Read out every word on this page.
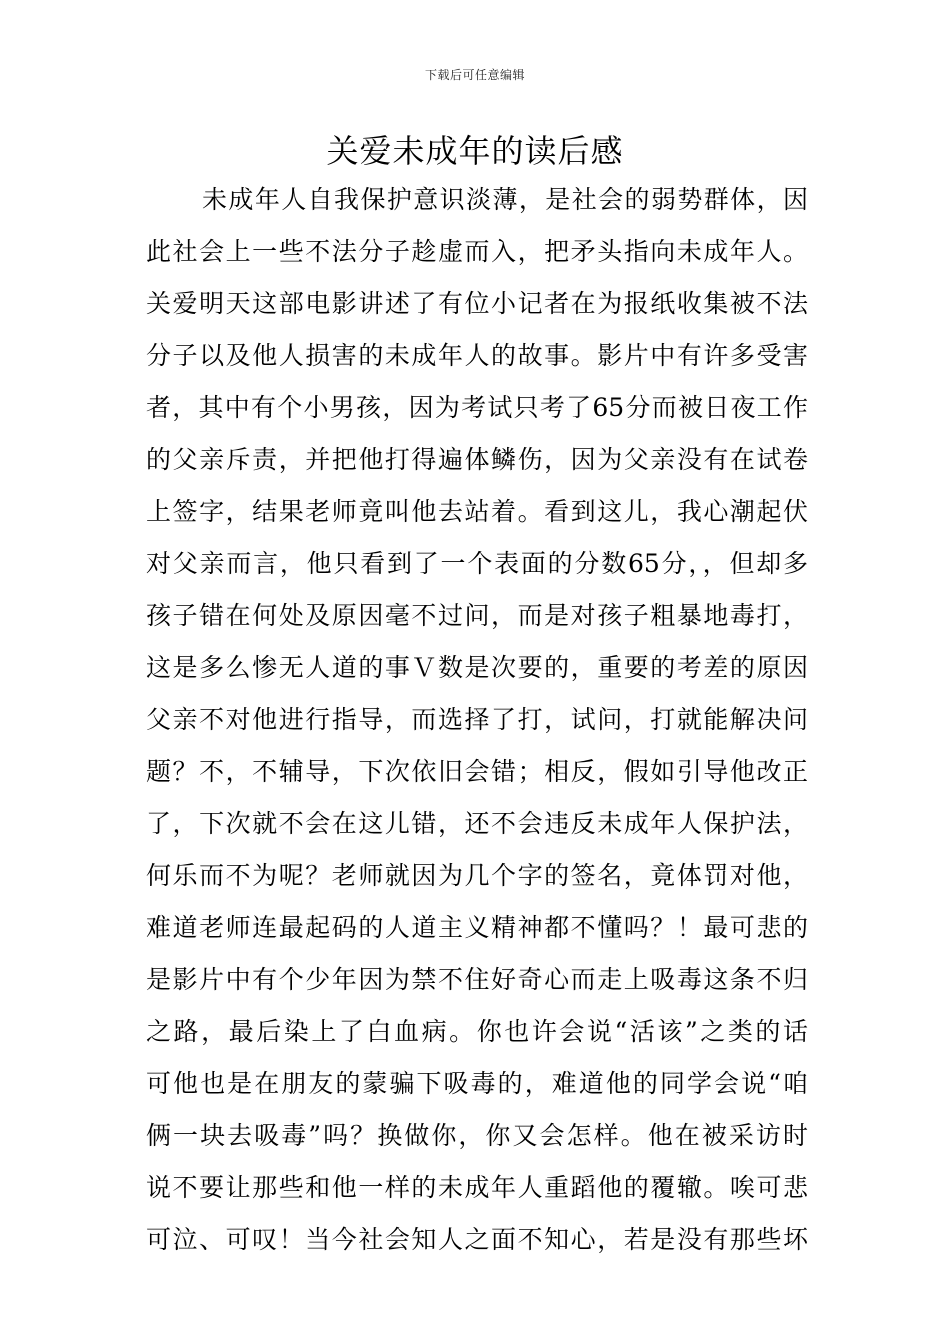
下载后可任意编辑
关爱未成年的读后感
未成年人自我保护意识淡薄，是社会的弱势群体，因
此社会上一些不法分子趁虚而入，把矛头指向未成年人。
关爱明天这部电影讲述了有位小记者在为报纸收集被不法
分子以及他人损害的未成年人的故事。影片中有许多受害
者，其中有个小男孩，因为考试只考了65分而被日夜工作
的父亲斥责，并把他打得遍体鳞伤，因为父亲没有在试卷
上签字，结果老师竟叫他去站着。看到这儿，我心潮起伏
对父亲而言，他只看到了一个表面的分数65分，，但却多
孩子错在何处及原因毫不过问，而是对孩子粗暴地毒打，
这是多么惨无人道的事Ｖ数是次要的，重要的考差的原因
父亲不对他进行指导，而选择了打，试问，打就能解决问
题？不，不辅导，下次依旧会错；相反，假如引导他改正
了，下次就不会在这儿错，还不会违反未成年人保护法，
何乐而不为呢？老师就因为几个字的签名，竟体罚对他，
难道老师连最起码的人道主义精神都不懂吗？！最可悲的
是影片中有个少年因为禁不住好奇心而走上吸毒这条不归
之路，最后染上了白血病。你也许会说“活该”之类的话
可他也是在朋友的蒙骗下吸毒的，难道他的同学会说“咱
俩一块去吸毒”吗？换做你，你又会怎样。他在被采访时
说不要让那些和他一样的未成年人重蹈他的覆辙。唉可悲
可泣、可叹！当今社会知人之面不知心，若是没有那些坏
